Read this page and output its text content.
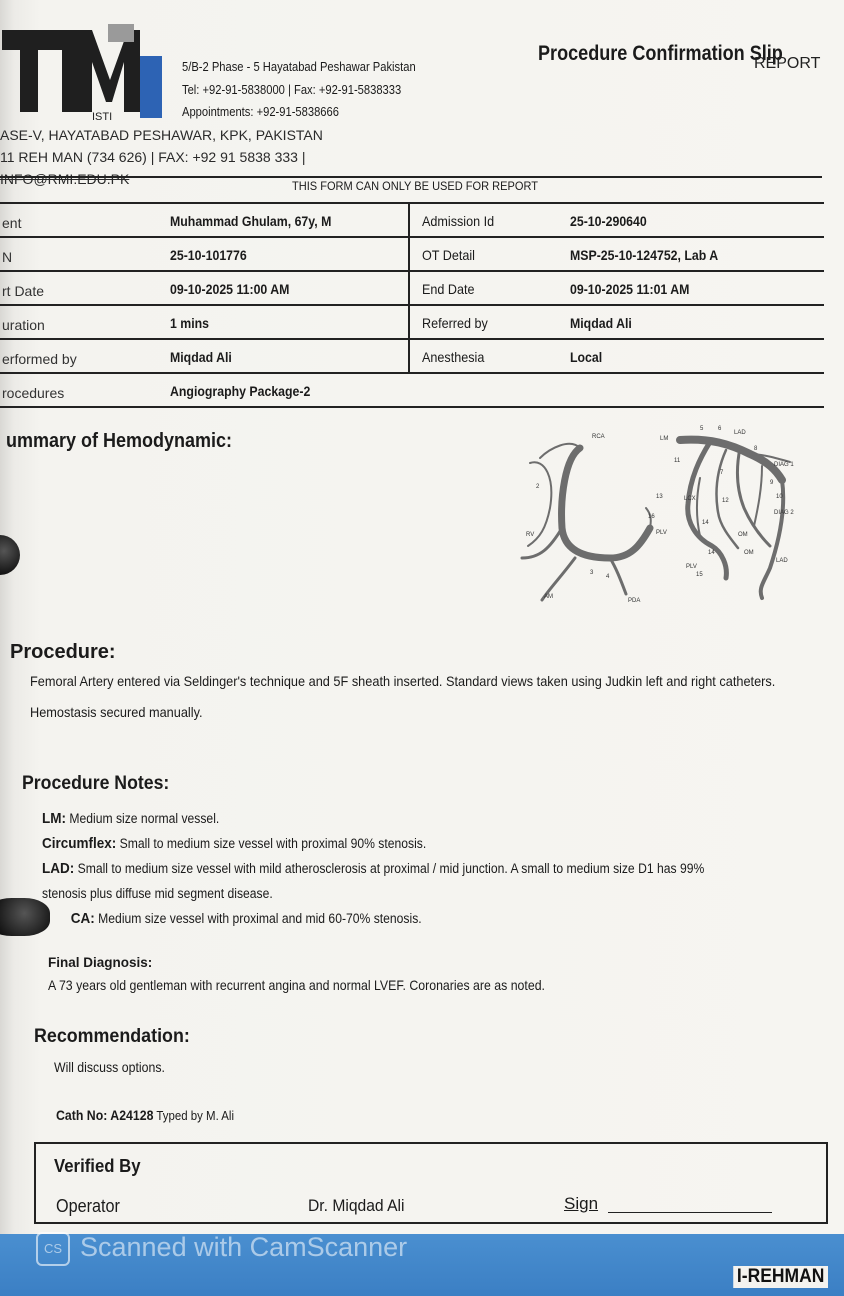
ISTI
5/B-2 Phase - 5 Hayatabad Peshawar Pakistan
Tel: +92-91-5838000 | Fax: +92-91-5838333
Appointments: +92-91-5838666
Procedure Confirmation Slip
REPORT
ASE-V, HAYATABAD PESHAWAR, KPK, PAKISTAN
11 REH MAN (734 626) | FAX: +92 91 5838 333 |
INFO@RMI.EDU.PK	THIS FORM CAN ONLY BE USED FOR REPORT
ent	Muhammad Ghulam, 67y, M	Admission Id	25-10-290640
N	25-10-101776	OT Detail	MSP-25-10-124752, Lab A
rt Date	09-10-2025 11:00 AM	End Date	09-10-2025 11:01 AM
uration	1 mins	Referred by	Miqdad Ali
erformed by	Miqdad Ali	Anesthesia	Local
rocedures	Angiography Package-2
ummary of Hemodynamic:	RCA	LM
LAD
DIAG 1
DIAG 2
LCX
OM
OM
PLV
PLV
RV
AM
PDA
LAD
2
3
4
5 6
7
8
9
10
11
12
13
14
14
15
16
Procedure:
Femoral Artery entered via Seldinger's technique and 5F sheath inserted. Standard views taken using Judkin left and right catheters. Hemostasis secured manually.
Procedure Notes:
LM: Medium size normal vessel.
Circumflex: Small to medium size vessel with proximal 90% stenosis.
LAD: Small to medium size vessel with mild atherosclerosis at proximal / mid junction. A small to medium size D1 has 99%
stenosis plus diffuse mid segment disease.
CA: Medium size vessel with proximal and mid 60-70% stenosis.
Final Diagnosis:
A 73 years old gentleman with recurrent angina and normal LVEF. Coronaries are as noted.
Recommendation:
Will discuss options.
Cath No: A24128 Typed by M. Ali
Verified By
Operator	Dr. Miqdad Ali	Sign
CS Scanned with CamScanner
I-REHMAN
